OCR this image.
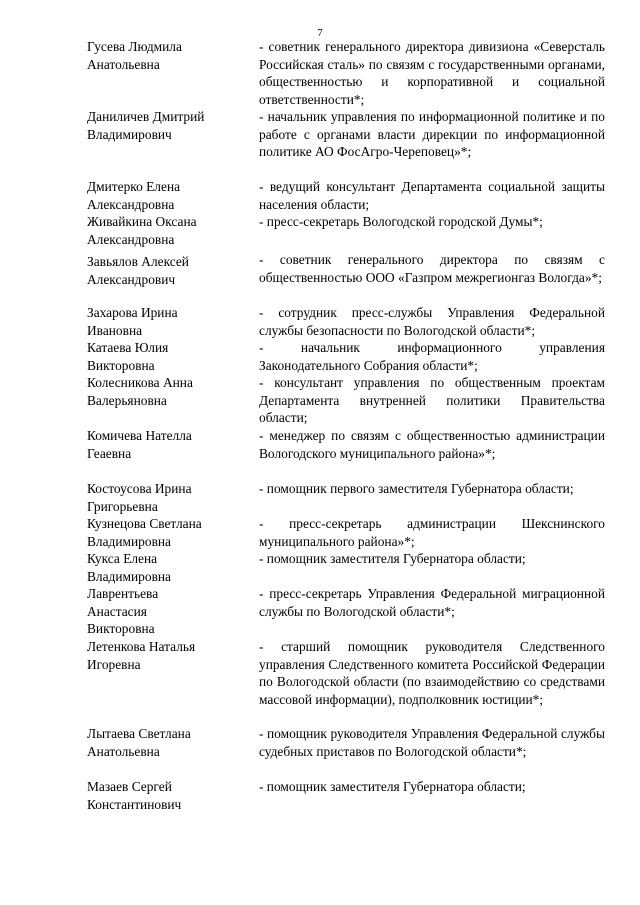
7
Гусева Людмила
Анатольевна
- советник генерального директора дивизиона «Северсталь Российская сталь» по связям с государственными органами, общественностью и корпоративной и социальной ответственности*;
Даниличев Дмитрий
Владимирович
- начальник управления по информационной политике и по работе с органами власти дирекции по информационной политике АО ФосАгро-Череповец»*;
Дмитерко Елена
Александровна
- ведущий консультант Департамента социальной защиты населения области;
Живайкина Оксана
Александровна
- пресс-секретарь Вологодской городской Думы*;
Завьялов Алексей
Александрович
- советник генерального директора по связям с общественностью ООО «Газпром межрегионгаз Вологда»*;
Захарова Ирина
Ивановна
- сотрудник пресс-службы Управления Федеральной службы безопасности по Вологодской области*;
Катаева Юлия
Викторовна
- начальник информационного управления Законодательного Собрания области*;
Колесникова Анна
Валерьяновна
- консультант управления по общественным проектам Департамента внутренней политики Правительства области;
Комичева Нателла
Геаевна
- менеджер по связям с общественностью администрации Вологодского муниципального района»*;
Костоусова Ирина
Григорьевна
- помощник первого заместителя Губернатора области;
Кузнецова Светлана
Владимировна
- пресс-секретарь администрации Шекснинского муниципального района»*;
Кукса Елена
Владимировна
- помощник заместителя Губернатора области;
Лаврентьева
Анастасия
Викторовна
- пресс-секретарь Управления Федеральной миграционной службы по Вологодской области*;
Летенкова Наталья
Игоревна
- старший помощник руководителя Следственного управления Следственного комитета Российской Федерации по Вологодской области (по взаимодействию со средствами массовой информации), подполковник юстиции*;
Лытаева Светлана
Анатольевна
- помощник руководителя Управления Федеральной службы судебных приставов по Вологодской области*;
Мазаев Сергей
Константинович
- помощник заместителя Губернатора области;
